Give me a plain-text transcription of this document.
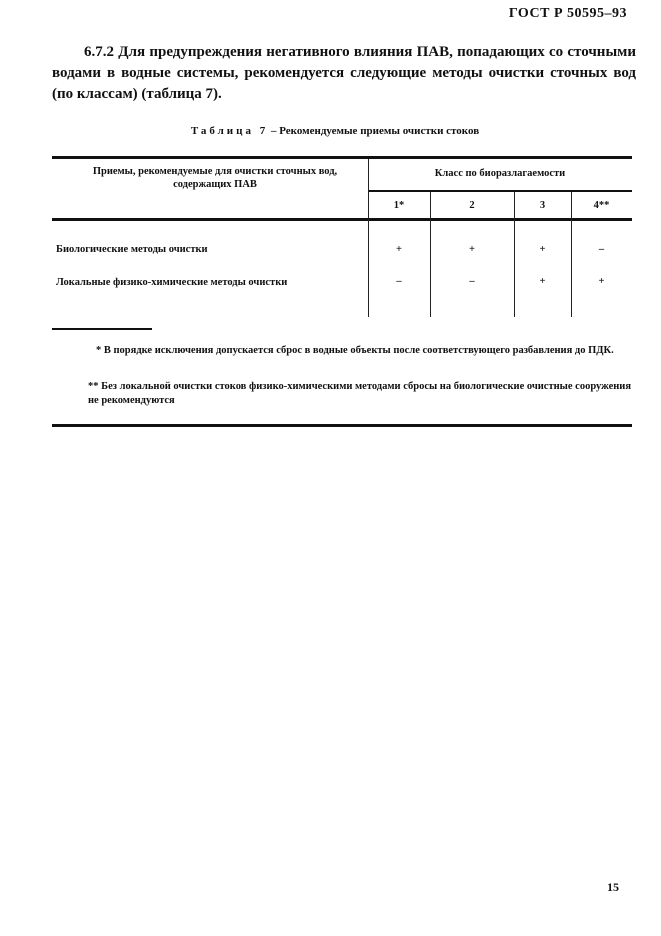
ГОСТ Р 50595–93
6.7.2 Для предупреждения негативного влияния ПАВ, попадающих со сточными водами в водные системы, рекомендуется следующие методы очистки сточных вод (по классам) (таблица 7).
Таблица 7 – Рекомендуемые приемы очистки стоков
Приемы, рекомендуемые для очистки сточных вод, содержащих ПАВ
Класс по биоразлагаемости
1*	2	3	4**
Биологические методы очистки	+	+	+	–
Локальные физико-химические методы очистки	–	–	+	+
* В порядке исключения допускается сброс в водные объекты после соответствующего разбавления до ПДК.
** Без локальной очистки стоков физико-химическими методами сбросы на биологические очистные сооружения не рекомендуются
15
